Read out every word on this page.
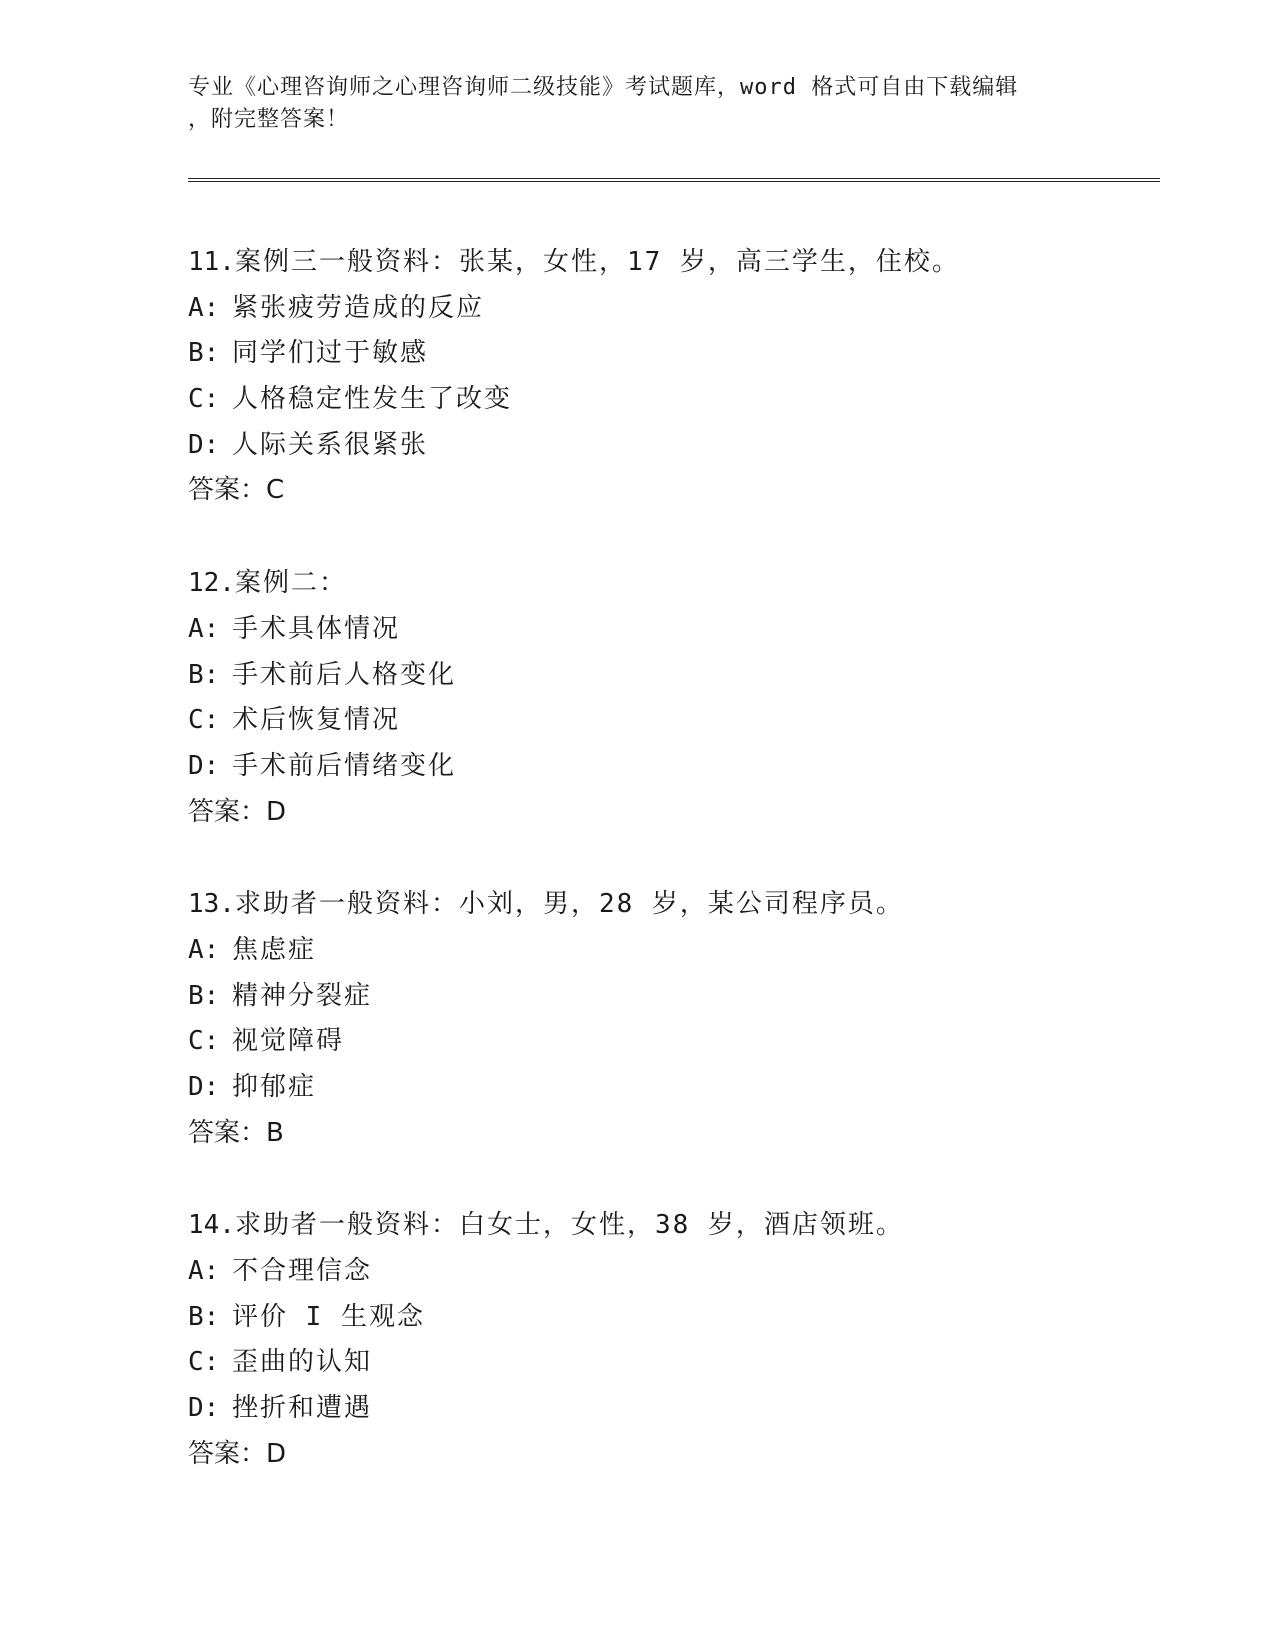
专业《心理咨询师之心理咨询师二级技能》考试题库，word 格式可自由下载编辑
，附完整答案！
11.案例三一般资料：张某，女性，17 岁，高三学生，住校。
A: 紧张疲劳造成的反应
B: 同学们过于敏感
C: 人格稳定性发生了改变
D: 人际关系很紧张
答案：C
12.案例二：
A: 手术具体情况
B: 手术前后人格变化
C: 术后恢复情况
D: 手术前后情绪变化
答案：D
13.求助者一般资料：小刘，男，28 岁，某公司程序员。
A: 焦虑症
B: 精神分裂症
C: 视觉障碍
D: 抑郁症
答案：B
14.求助者一般资料：白女士，女性，38 岁，酒店领班。
A: 不合理信念
B: 评价 I 生观念
C: 歪曲的认知
D: 挫折和遭遇
答案：D
